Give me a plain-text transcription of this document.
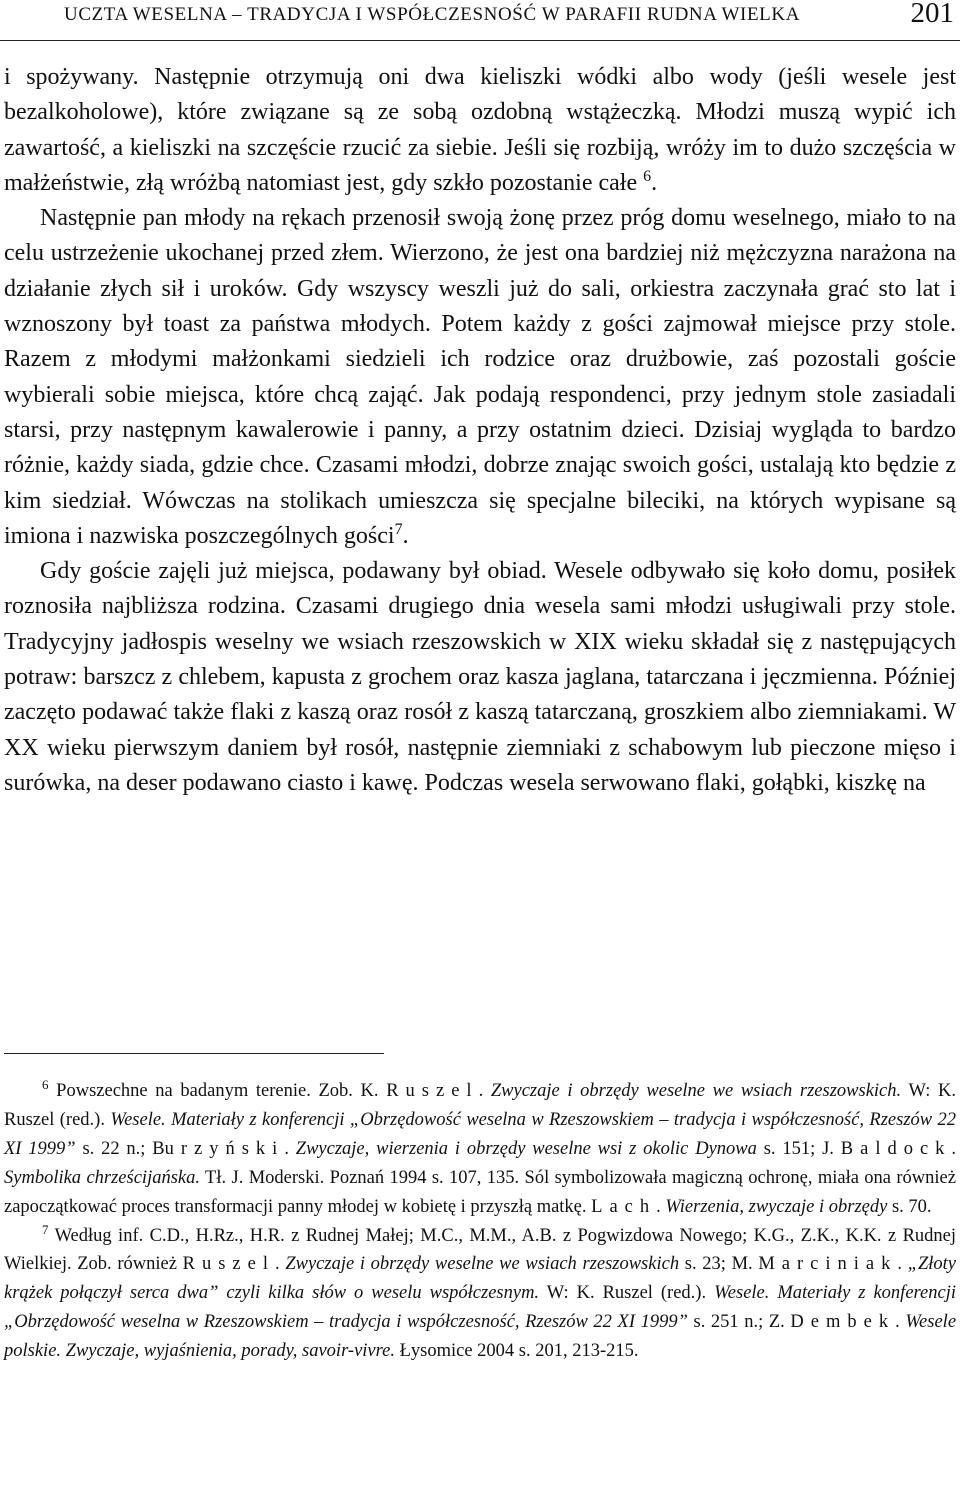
UCZTA WESELNA – TRADYCJA I WSPÓŁCZESNOŚĆ W PARAFII RUDNA WIELKA	201

i spożywany. Następnie otrzymują oni dwa kieliszki wódki albo wody (jeśli wesele jest bezalkoholowe), które związane są ze sobą ozdobną wstążeczką. Młodzi muszą wypić ich zawartość, a kieliszki na szczęście rzucić za siebie. Jeśli się rozbiją, wróży im to dużo szczęścia w małżeństwie, złą wróżbą natomiast jest, gdy szkło pozostanie całe $^6$.

Następnie pan młody na rękach przenosił swoją żonę przez próg domu weselnego, miało to na celu ustrzeżenie ukochanej przed złem. Wierzono, że jest ona bardziej niż mężczyzna narażona na działanie złych sił i uroków. Gdy wszyscy weszli już do sali, orkiestra zaczynała grać sto lat i wznoszony był toast za państwa młodych. Potem każdy z gości zajmował miejsce przy stole. Razem z młodymi małżonkami siedzieli ich rodzice oraz drużbowie, zaś pozostali goście wybierali sobie miejsca, które chcą zająć. Jak podają respondenci, przy jednym stole zasiadali starsi, przy następnym kawalerowie i panny, a przy ostatnim dzieci. Dzisiaj wygląda to bardzo różnie, każdy siada, gdzie chce. Czasami młodzi, dobrze znając swoich gości, ustalają kto będzie z kim siedział. Wówczas na stolikach umieszcza się specjalne bileciki, na których wypisane są imiona i nazwiska poszczególnych gości$^7$.

Gdy goście zajęli już miejsca, podawany był obiad. Wesele odbywało się koło domu, posiłek roznosiła najbliższa rodzina. Czasami drugiego dnia wesela sami młodzi usługiwali przy stole. Tradycyjny jadłospis weselny we wsiach rzeszowskich w XIX wieku składał się z następujących potraw: barszcz z chlebem, kapusta z grochem oraz kasza jaglana, tatarczana i jęczmienna. Później zaczęto podawać także flaki z kaszą oraz rosół z kaszą tatarczaną, groszkiem albo ziemniakami. W XX wieku pierwszym daniem był rosół, następnie ziemniaki z schabowym lub pieczone mięso i surówka, na deser podawano ciasto i kawę. Podczas wesela serwowano flaki, gołąbki, kiszkę na

$^6$ Powszechne na badanym terenie. Zob. K. Ruszel. Zwyczaje i obrzędy weselne we wsiach rzeszowskich. W: K. Ruszel (red.). Wesele. Materiały z konferencji „Obrzędowość weselna w Rzeszowskiem – tradycja i współczesność, Rzeszów 22 XI 1999” s. 22 n.; Burzyński. Zwyczaje, wierzenia i obrzędy weselne wsi z okolic Dynowa s. 151; J. Baldock. Symbolika chrześcijańska. Tł. J. Moderski. Poznań 1994 s. 107, 135. Sól symbolizowała magiczną ochronę, miała ona również zapoczątkować proces transformacji panny młodej w kobietę i przyszłą matkę. Lach. Wierzenia, zwyczaje i obrzędy s. 70.

$^7$ Według inf. C.D., H.Rz., H.R. z Rudnej Małej; M.C., M.M., A.B. z Pogwizdowa Nowego; K.G., Z.K., K.K. z Rudnej Wielkiej. Zob. również Ruszel. Zwyczaje i obrzędy weselne we wsiach rzeszowskich s. 23; M. Marciniak. „Złoty krążek połączył serca dwa” czyli kilka słów o weselu współczesnym. W: K. Ruszel (red.). Wesele. Materiały z konferencji „Obrzędowość weselna w Rzeszowskiem – tradycja i współczesność, Rzeszów 22 XI 1999” s. 251 n.; Z. Dembek. Wesele polskie. Zwyczaje, wyjaśnienia, porady, savoir-vivre. Łysomice 2004 s. 201, 213-215.
